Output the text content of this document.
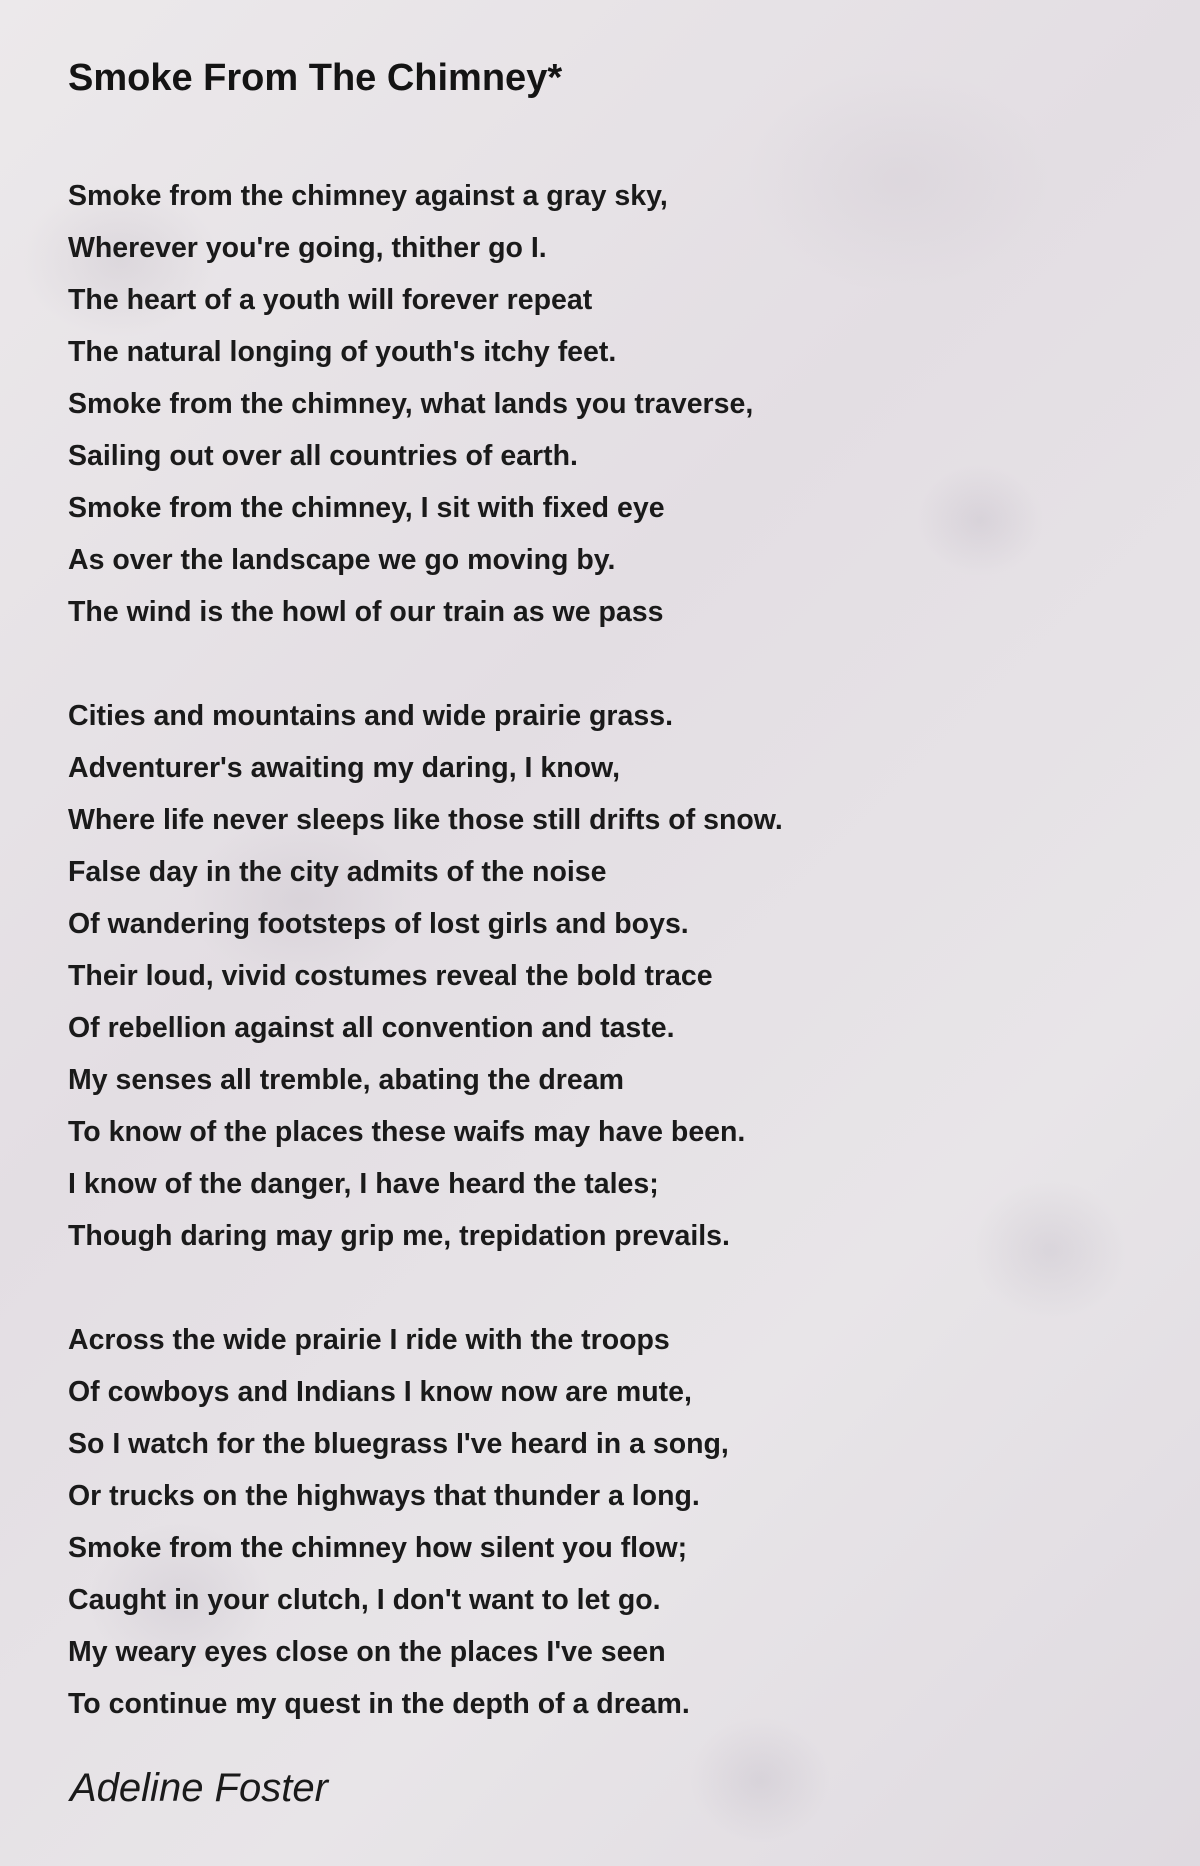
Smoke From The Chimney*
Smoke from the chimney against a gray sky,
Wherever you're going, thither go I.
The heart of a youth will forever repeat
The natural longing of youth's itchy feet.
Smoke from the chimney, what lands you traverse,
Sailing out over all countries of earth.
Smoke from the chimney, I sit with fixed eye
As over the landscape we go moving by.
The wind is the howl of our train as we pass
Cities and mountains and wide prairie grass.
Adventurer's awaiting my daring, I know,
Where life never sleeps like those still drifts of snow.
False day in the city admits of the noise
Of wandering footsteps of lost girls and boys.
Their loud, vivid costumes reveal the bold trace
Of rebellion against all convention and taste.
My senses all tremble, abating the dream
To know of the places these waifs may have been.
I know of the danger, I have heard the tales;
Though daring may grip me, trepidation prevails.
Across the wide prairie I ride with the troops
Of cowboys and Indians I know now are mute,
So I watch for the bluegrass I've heard in a song,
Or trucks on the highways that thunder a long.
Smoke from the chimney how silent you flow;
Caught in your clutch, I don't want to let go.
My weary eyes close on the places I've seen
To continue my quest in the depth of a dream.
Adeline Foster
